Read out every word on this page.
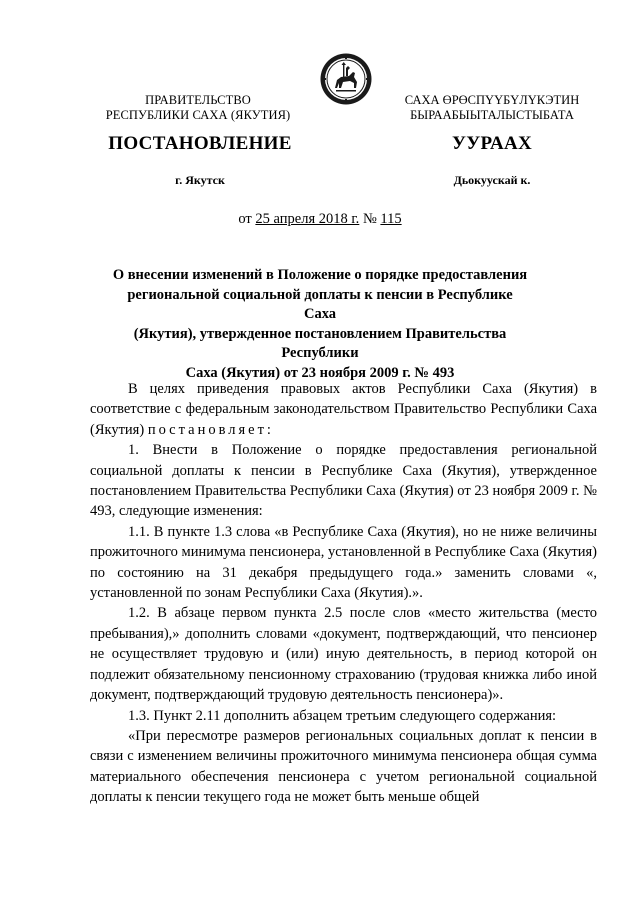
ПРАВИТЕЛЬСТВО
РЕСПУБЛИКИ САХА (ЯКУТИЯ)
САХА ӨРӨСПҮҮБҮЛҮКЭТИН
БЫРААБЫЫТАЛЫСТЫБАТА
ПОСТАНОВЛЕНИЕ	УУРААХ
г. Якутск	Дьокуускай к.
от 25 апреля 2018 г. № 115
О внесении изменений в Положение о порядке предоставления
региональной социальной доплаты к пенсии в Республике Саха
(Якутия), утвержденное постановлением Правительства Республики
Саха (Якутия) от 23 ноября 2009 г. № 493

В целях приведения правовых актов Республики Саха (Якутия) в соответствие с федеральным законодательством Правительство Республики Саха (Якутия) постановляет:

1. Внести в Положение о порядке предоставления региональной социальной доплаты к пенсии в Республике Саха (Якутия), утвержденное постановлением Правительства Республики Саха (Якутия) от 23 ноября 2009 г. № 493, следующие изменения:

1.1. В пункте 1.3 слова «в Республике Саха (Якутия), но не ниже величины прожиточного минимума пенсионера, установленной в Республике Саха (Якутия) по состоянию на 31 декабря предыдущего года.» заменить словами «, установленной по зонам Республики Саха (Якутия).».

1.2. В абзаце первом пункта 2.5 после слов «место жительства (место пребывания),» дополнить словами «документ, подтверждающий, что пенсионер не осуществляет трудовую и (или) иную деятельность, в период которой он подлежит обязательному пенсионному страхованию (трудовая книжка либо иной документ, подтверждающий трудовую деятельность пенсионера)».

1.3. Пункт 2.11 дополнить абзацем третьим следующего содержания:

«При пересмотре размеров региональных социальных доплат к пенсии в связи с изменением величины прожиточного минимума пенсионера общая сумма материального обеспечения пенсионера с учетом региональной социальной доплаты к пенсии текущего года не может быть меньше общей
